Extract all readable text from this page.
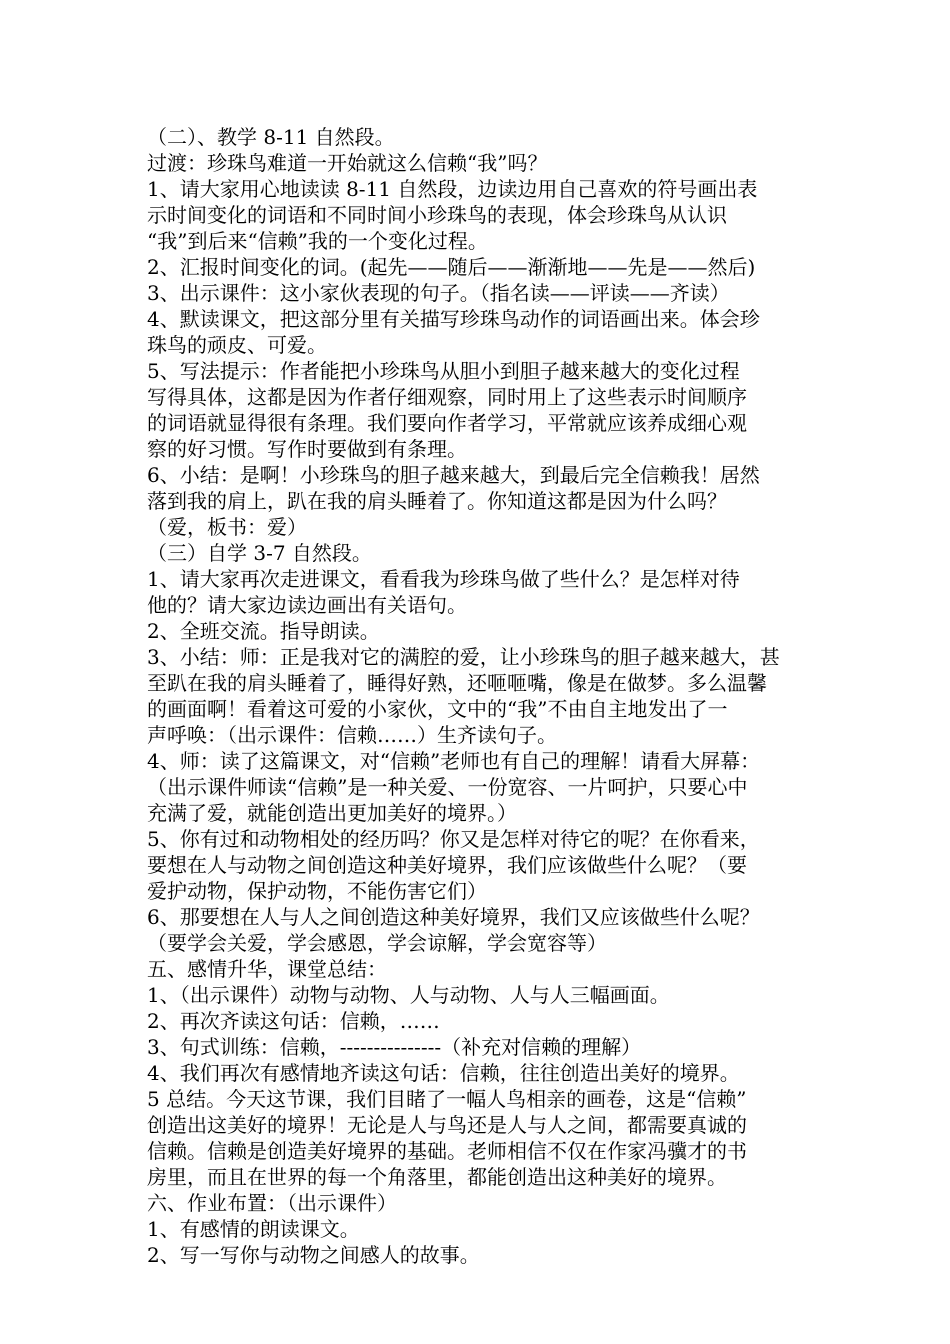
（二）、教学 8-11 自然段。
过渡：珍珠鸟难道一开始就这么信赖“我”吗？
1、请大家用心地读读 8-11 自然段，边读边用自己喜欢的符号画出表
示时间变化的词语和不同时间小珍珠鸟的表现，体会珍珠鸟从认识
“我”到后来“信赖”我的一个变化过程。
2、汇报时间变化的词。(起先——随后——渐渐地——先是——然后)
3、出示课件：这小家伙表现的句子。（指名读——评读——齐读）
4、默读课文，把这部分里有关描写珍珠鸟动作的词语画出来。体会珍
珠鸟的顽皮、可爱。
5、写法提示：作者能把小珍珠鸟从胆小到胆子越来越大的变化过程
写得具体，这都是因为作者仔细观察，同时用上了这些表示时间顺序
的词语就显得很有条理。我们要向作者学习，平常就应该养成细心观
察的好习惯。写作时要做到有条理。
6、小结：是啊！小珍珠鸟的胆子越来越大，到最后完全信赖我！居然
落到我的肩上，趴在我的肩头睡着了。你知道这都是因为什么吗？
（爱，板书：爱）
（三）自学 3-7 自然段。
1、请大家再次走进课文，看看我为珍珠鸟做了些什么？是怎样对待
他的？请大家边读边画出有关语句。
2、全班交流。指导朗读。
3、小结：师：正是我对它的满腔的爱，让小珍珠鸟的胆子越来越大，甚
至趴在我的肩头睡着了，睡得好熟，还咂咂嘴，像是在做梦。多么温馨
的画面啊！看着这可爱的小家伙，文中的“我”不由自主地发出了一
声呼唤：（出示课件：信赖……）生齐读句子。
4、师：读了这篇课文，对“信赖”老师也有自己的理解！请看大屏幕：
（出示课件师读“信赖”是一种关爱、一份宽容、一片呵护，只要心中
充满了爱，就能创造出更加美好的境界。）
5、你有过和动物相处的经历吗？你又是怎样对待它的呢？在你看来，
要想在人与动物之间创造这种美好境界，我们应该做些什么呢？（要
爱护动物，保护动物，不能伤害它们）
6、那要想在人与人之间创造这种美好境界，我们又应该做些什么呢？
（要学会关爱，学会感恩，学会谅解，学会宽容等）
五、感情升华，课堂总结：
1、（出示课件）动物与动物、人与动物、人与人三幅画面。
2、再次齐读这句话：信赖，……
3、句式训练：信赖，---------------（补充对信赖的理解）
4、我们再次有感情地齐读这句话：信赖，往往创造出美好的境界。
5 总结。今天这节课，我们目睹了一幅人鸟相亲的画卷，这是“信赖”
创造出这美好的境界！无论是人与鸟还是人与人之间，都需要真诚的
信赖。信赖是创造美好境界的基础。老师相信不仅在作家冯骥才的书
房里，而且在世界的每一个角落里，都能创造出这种美好的境界。
六、作业布置：（出示课件）
1、有感情的朗读课文。
2、写一写你与动物之间感人的故事。
